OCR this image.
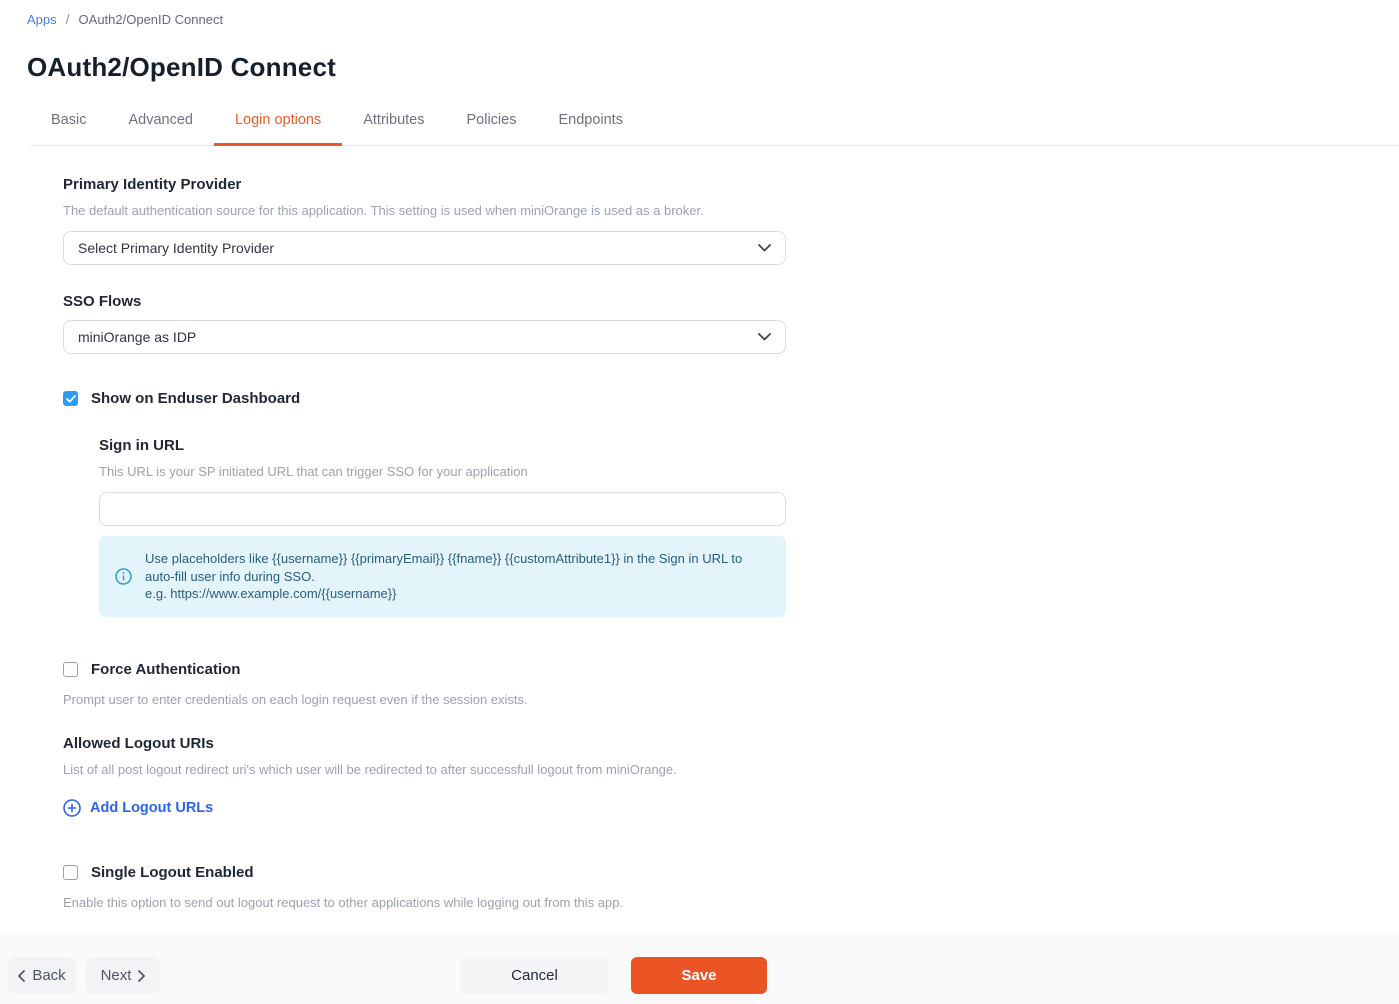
Apps / OAuth2/OpenID Connect
OAuth2/OpenID Connect
Basic	Advanced	Login options	Attributes	Policies	Endpoints
Primary Identity Provider
The default authentication source for this application. This setting is used when miniOrange is used as a broker.
Select Primary Identity Provider
SSO Flows
miniOrange as IDP
Show on Enduser Dashboard
Sign in URL
This URL is your SP initiated URL that can trigger SSO for your application
Use placeholders like {{username}} {{primaryEmail}} {{fname}} {{customAttribute1}} in the Sign in URL to auto-fill user info during SSO.
e.g. https://www.example.com/{{username}}
Force Authentication
Prompt user to enter credentials on each login request even if the session exists.
Allowed Logout URIs
List of all post logout redirect uri's which user will be redirected to after successfull logout from miniOrange.
Add Logout URLs
Single Logout Enabled
Enable this option to send out logout request to other applications while logging out from this app.
Back Next	Cancel	Save
